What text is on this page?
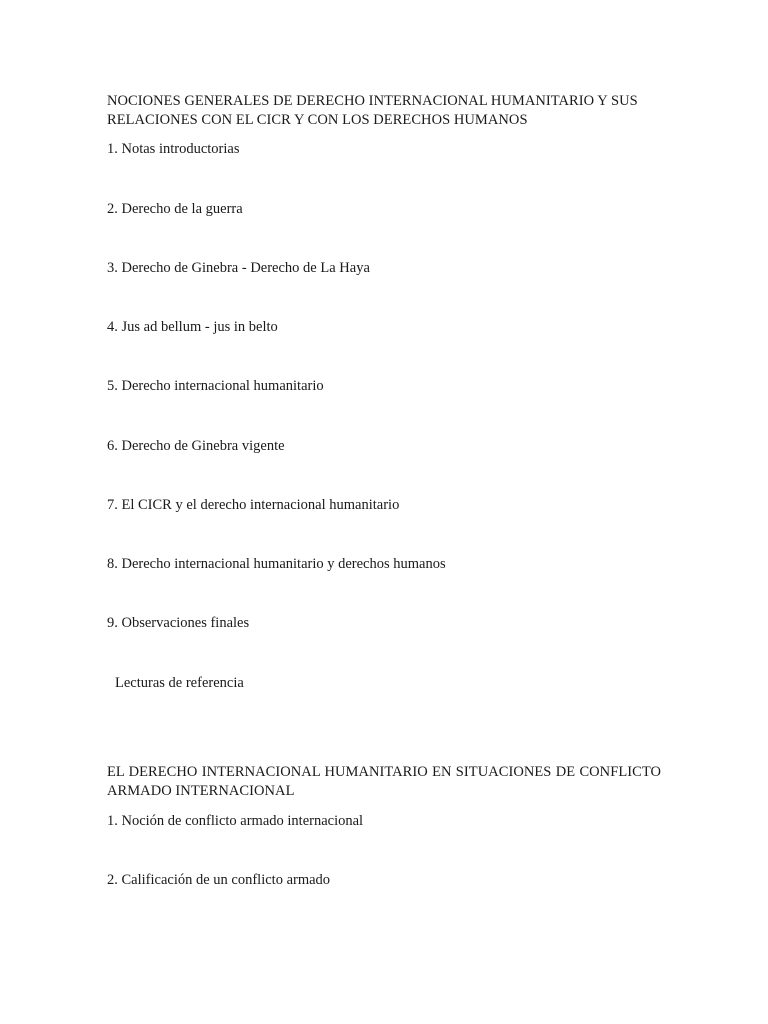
NOCIONES GENERALES DE DERECHO INTERNACIONAL HUMANITARIO Y SUS RELACIONES CON EL CICR Y CON LOS DERECHOS HUMANOS
1. Notas introductorias
2. Derecho de la guerra
3. Derecho de Ginebra - Derecho de La Haya
4. Jus ad bellum - jus in belto
5. Derecho internacional humanitario
6. Derecho de Ginebra vigente
7. El CICR y el derecho internacional humanitario
8. Derecho internacional humanitario y derechos humanos
9. Observaciones finales
Lecturas de referencia
EL DERECHO INTERNACIONAL HUMANITARIO EN SITUACIONES DE CONFLICTO ARMADO INTERNACIONAL
1. Noción de conflicto armado internacional
2. Calificación de un conflicto armado
